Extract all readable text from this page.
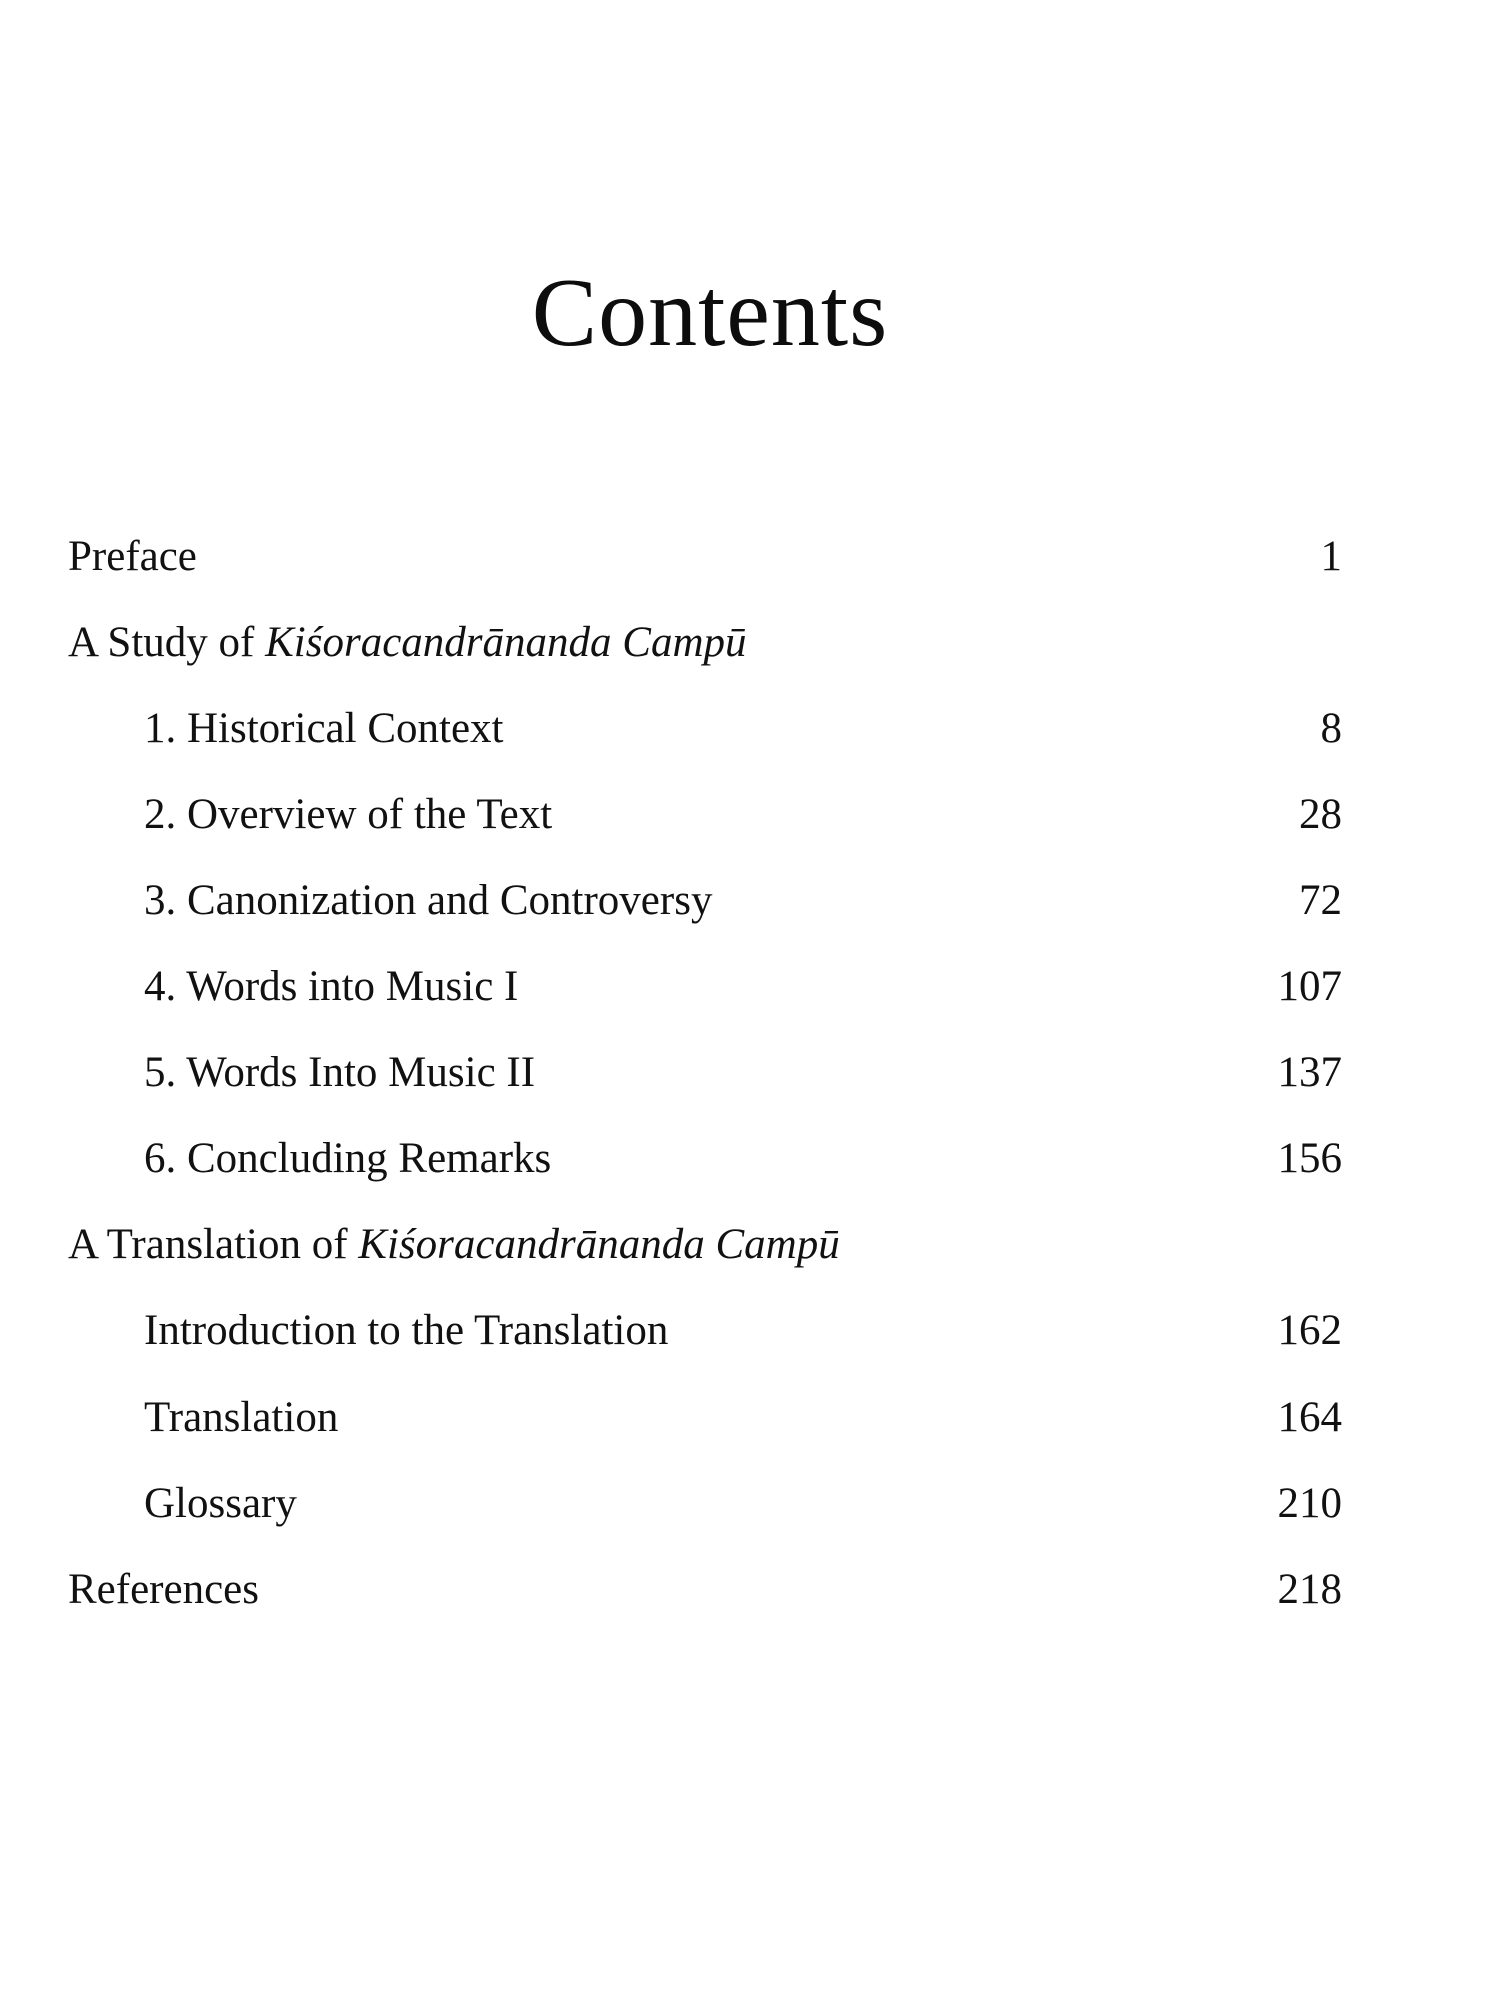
Contents
Preface	1
A Study of Kiśoracandrānanda Campū
1. Historical Context	8
2. Overview of the Text	28
3. Canonization and Controversy	72
4. Words into Music I	107
5. Words Into Music II	137
6. Concluding Remarks	156
A Translation of Kiśoracandrānanda Campū
Introduction to the Translation	162
Translation	164
Glossary	210
References	218
